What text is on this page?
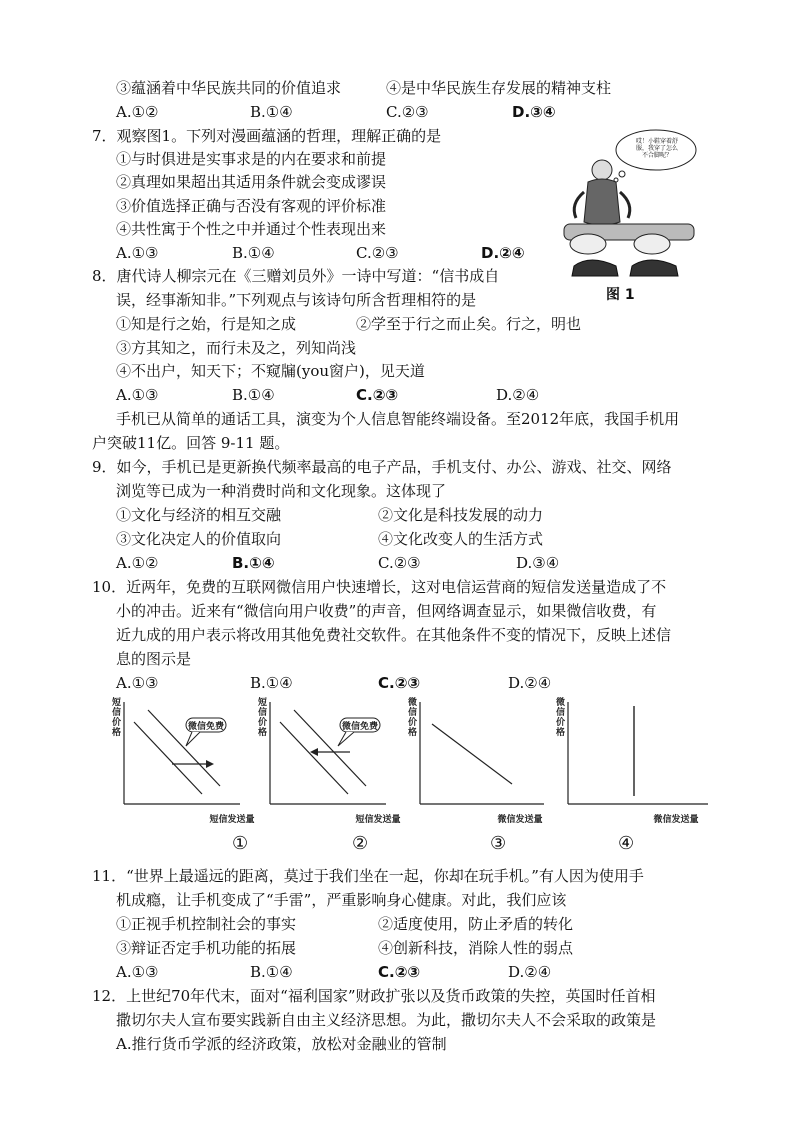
③蕴涵着中华民族共同的价值追求	④是中华民族生存发展的精神支柱
A.①②	B.①④	C.②③	D.③④
7．观察图1。下列对漫画蕴涵的哲理，理解正确的是
①与时俱进是实事求是的内在要求和前提
②真理如果超出其适用条件就会变成谬误
③价值选择正确与否没有客观的评价标准
④共性寓于个性之中并通过个性表现出来
A.①③	B.①④	C.②③	D.②④
哎！小鞋穿着舒服，我穿了怎么不合脚呢？
图 1
8．唐代诗人柳宗元在《三赠刘员外》一诗中写道：“信书成自
误，经事渐知非。”下列观点与该诗句所含哲理相符的是
①知是行之始，行是知之成	②学至于行之而止矣。行之，明也
③方其知之，而行未及之，列知尚浅
④不出户，知天下；不窥牖(you窗户)，见天道
A.①③	B.①④	C.②③	D.②④
手机已从简单的通话工具，演变为个人信息智能终端设备。至2012年底，我国手机用
户突破11亿。回答 9-11 题。
9．如今，手机已是更新换代频率最高的电子产品，手机支付、办公、游戏、社交、网络
浏览等已成为一种消费时尚和文化现象。这体现了
①文化与经济的相互交融	②文化是科技发展的动力
③文化决定人的价值取向	④文化改变人的生活方式
A.①②	B.①④	C.②③	D.③④
10．近两年，免费的互联网微信用户快速增长，这对电信运营商的短信发送量造成了不
小的冲击。近来有“微信向用户收费”的声音，但网络调查显示，如果微信收费，有
近九成的用户表示将改用其他免费社交软件。在其他条件不变的情况下，反映上述信
息的图示是
A.①③	B.①④	C.②③	D.②④
短信价格
微信免费
短信发送量
①
短信价格
微信免费
短信发送量
②
微信价格
微信发送量
③
微信价格
微信发送量
④
11．“世界上最遥远的距离，莫过于我们坐在一起，你却在玩手机。”有人因为使用手
机成瘾，让手机变成了“手雷”，严重影响身心健康。对此，我们应该
①正视手机控制社会的事实	②适度使用，防止矛盾的转化
③辩证否定手机功能的拓展	④创新科技，消除人性的弱点
A.①③	B.①④	C.②③	D.②④
12．上世纪70年代末，面对“福利国家”财政扩张以及货币政策的失控，英国时任首相
撒切尔夫人宣布要实践新自由主义经济思想。为此，撒切尔夫人不会采取的政策是
A.推行货币学派的经济政策，放松对金融业的管制
